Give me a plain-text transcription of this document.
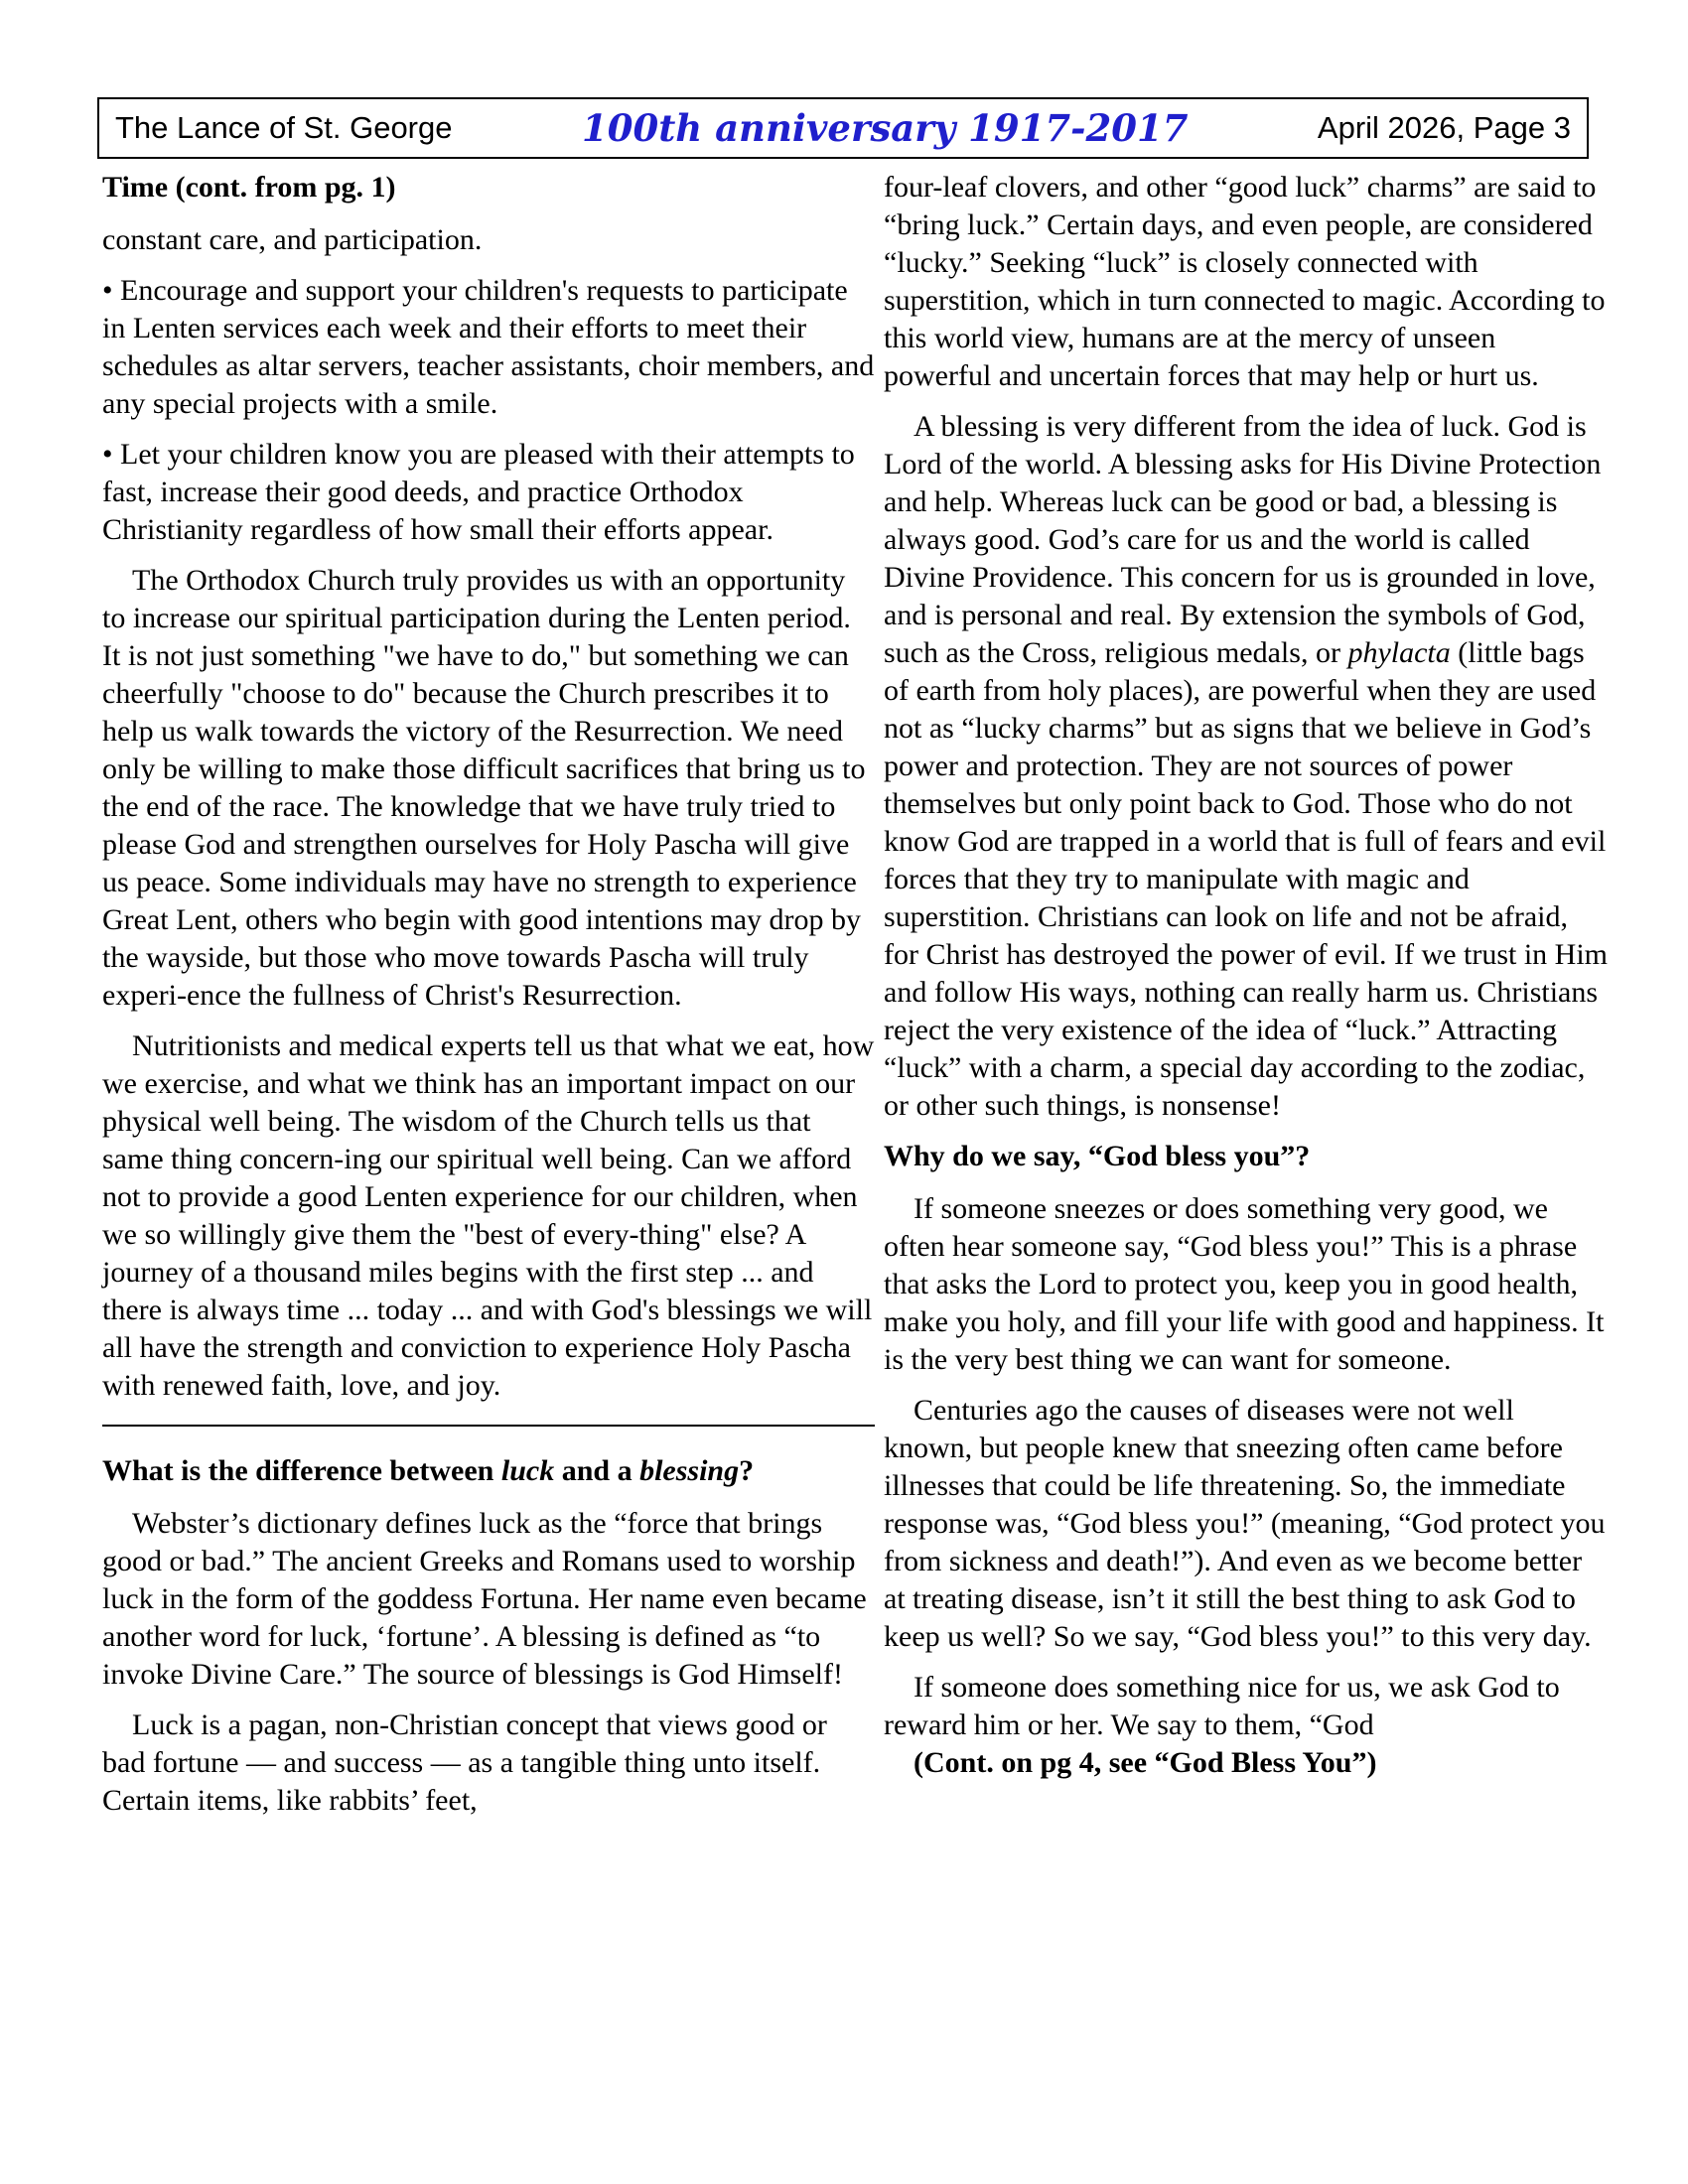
The Lance of St. George	100th anniversary 1917-2017	April 2026, Page 3
Time (cont. from pg. 1)

constant care, and participation.

• Encourage and support your children's requests to participate in Lenten services each week and their efforts to meet their schedules as altar servers, teacher assistants, choir members, and any special projects with a smile.

• Let your children know you are pleased with their attempts to fast, increase their good deeds, and practice Orthodox Christianity regardless of how small their efforts appear.

The Orthodox Church truly provides us with an opportunity to increase our spiritual participation during the Lenten period. It is not just something "we have to do," but something we can cheerfully "choose to do" because the Church prescribes it to help us walk towards the victory of the Resurrection. We need only be willing to make those difficult sacrifices that bring us to the end of the race. The knowledge that we have truly tried to please God and strengthen ourselves for Holy Pascha will give us peace. Some individuals may have no strength to experience Great Lent, others who begin with good intentions may drop by the wayside, but those who move towards Pascha will truly experi-ence the fullness of Christ's Resurrection.

Nutritionists and medical experts tell us that what we eat, how we exercise, and what we think has an important impact on our physical well being. The wisdom of the Church tells us that same thing concern-ing our spiritual well being. Can we afford not to provide a good Lenten experience for our children, when we so willingly give them the "best of every-thing" else? A journey of a thousand miles begins with the first step ... and there is always time ... today ... and with God's blessings we will all have the strength and conviction to experience Holy Pascha with renewed faith, love, and joy.

What is the difference between luck and a blessing?

Webster’s dictionary defines luck as the “force that brings good or bad.” The ancient Greeks and Romans used to worship luck in the form of the goddess Fortuna. Her name even became another word for luck, ‘fortune’. A blessing is defined as “to invoke Divine Care.” The source of blessings is God Himself!

Luck is a pagan, non-Christian concept that views good or bad fortune — and success — as a tangible thing unto itself. Certain items, like rabbits’ feet,

four-leaf clovers, and other “good luck” charms” are said to “bring luck.” Certain days, and even people, are considered “lucky.” Seeking “luck” is closely connected with superstition, which in turn connected to magic. According to this world view, humans are at the mercy of unseen powerful and uncertain forces that may help or hurt us.

A blessing is very different from the idea of luck. God is Lord of the world. A blessing asks for His Divine Protection and help. Whereas luck can be good or bad, a blessing is always good. God’s care for us and the world is called Divine Providence. This concern for us is grounded in love, and is personal and real. By extension the symbols of God, such as the Cross, religious medals, or phylacta (little bags of earth from holy places), are powerful when they are used not as “lucky charms” but as signs that we believe in God’s power and protection. They are not sources of power themselves but only point back to God. Those who do not know God are trapped in a world that is full of fears and evil forces that they try to manipulate with magic and superstition. Christians can look on life and not be afraid, for Christ has destroyed the power of evil. If we trust in Him and follow His ways, nothing can really harm us. Christians reject the very existence of the idea of “luck.” Attracting “luck” with a charm, a special day according to the zodiac, or other such things, is nonsense!

Why do we say, “God bless you”?

If someone sneezes or does something very good, we often hear someone say, “God bless you!” This is a phrase that asks the Lord to protect you, keep you in good health, make you holy, and fill your life with good and happiness. It is the very best thing we can want for someone.

Centuries ago the causes of diseases were not well known, but people knew that sneezing often came before illnesses that could be life threatening. So, the immediate response was, “God bless you!” (meaning, “God protect you from sickness and death!”). And even as we become better at treating disease, isn’t it still the best thing to ask God to keep us well? So we say, “God bless you!” to this very day.

If someone does something nice for us, we ask God to reward him or her. We say to them, “God
(Cont. on pg 4, see “God Bless You”)
